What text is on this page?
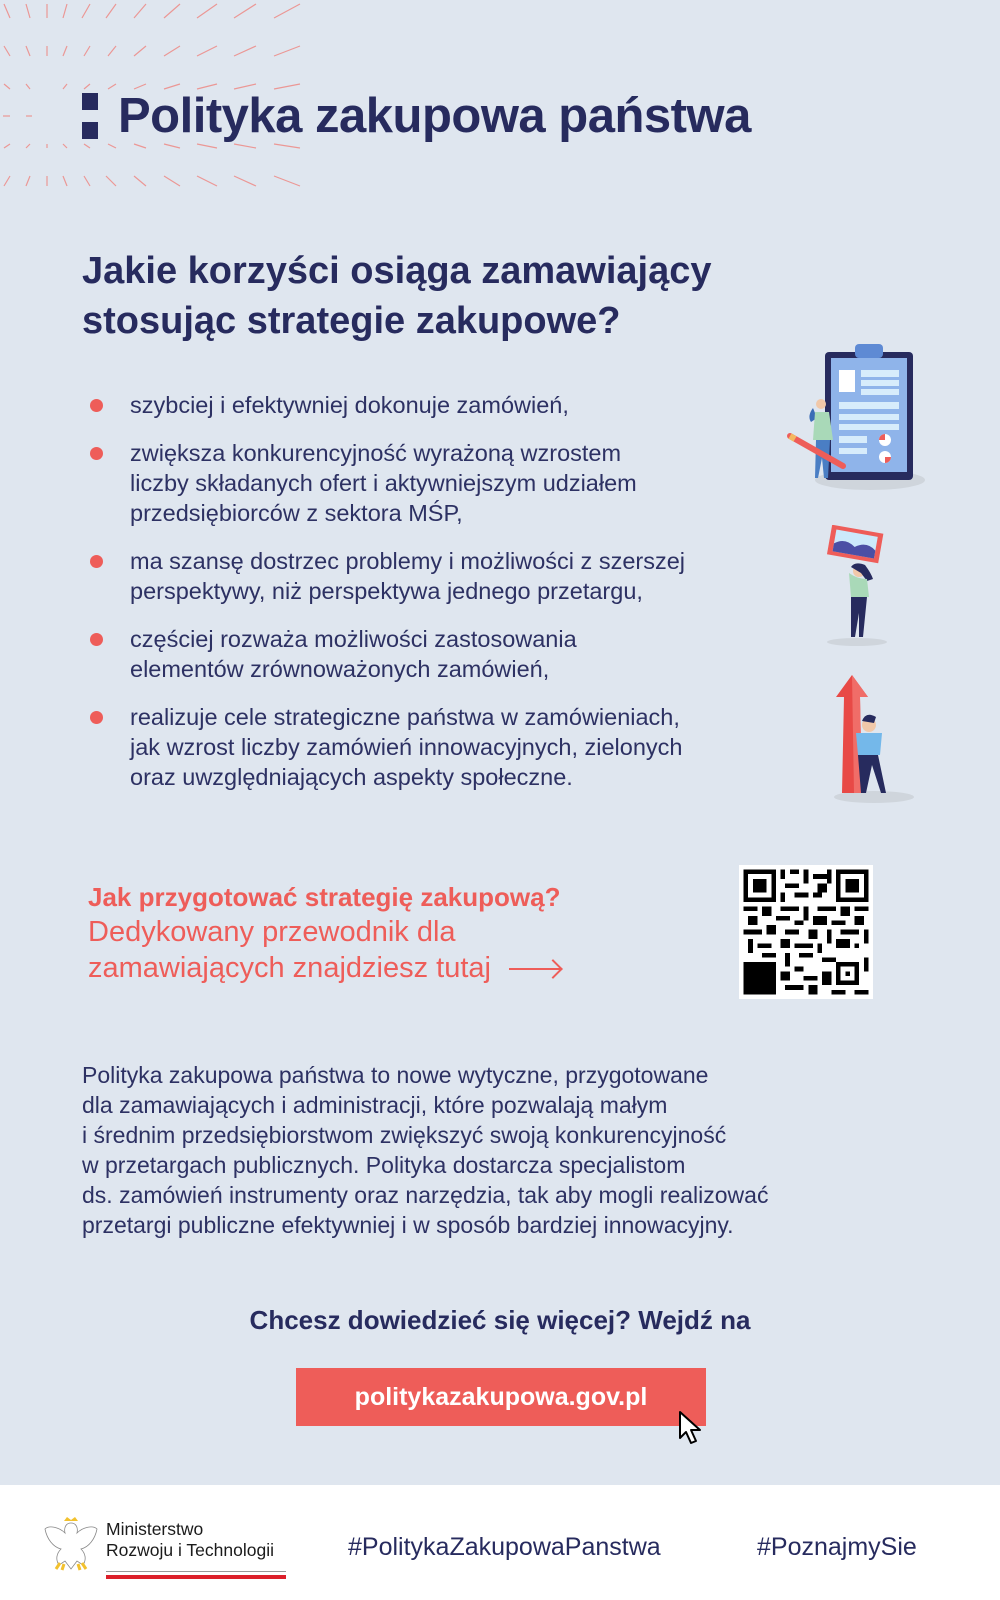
Polityka zakupowa państwa
Jakie korzyści osiąga zamawiający
stosując strategie zakupowe?
szybciej i efektywniej dokonuje zamówień,
zwiększa konkurencyjność wyrażoną wzrostem
liczby składanych ofert i aktywniejszym udziałem
przedsiębiorców z sektora MŚP,
ma szansę dostrzec problemy i możliwości z szerszej
perspektywy, niż perspektywa jednego przetargu,
częściej rozważa możliwości zastosowania
elementów zrównoważonych zamówień,
realizuje cele strategiczne państwa w zamówieniach,
jak wzrost liczby zamówień innowacyjnych, zielonych
oraz uwzględniających aspekty społeczne.
Jak przygotować strategię zakupową?
Dedykowany przewodnik dla
zamawiających znajdziesz tutaj
Polityka zakupowa państwa to nowe wytyczne, przygotowane
dla zamawiających i administracji, które pozwalają małym
i średnim przedsiębiorstwom zwiększyć swoją konkurencyjność
w przetargach publicznych. Polityka dostarcza specjalistom
ds. zamówień instrumenty oraz narzędzia, tak aby mogli realizować
przetargi publiczne efektywniej i w sposób bardziej innowacyjny.
Chcesz dowiedzieć się więcej? Wejdź na
politykazakupowa.gov.pl
Ministerstwo
Rozwoju i Technologii	#PolitykaZakupowaPanstwa	#PoznajmySie
